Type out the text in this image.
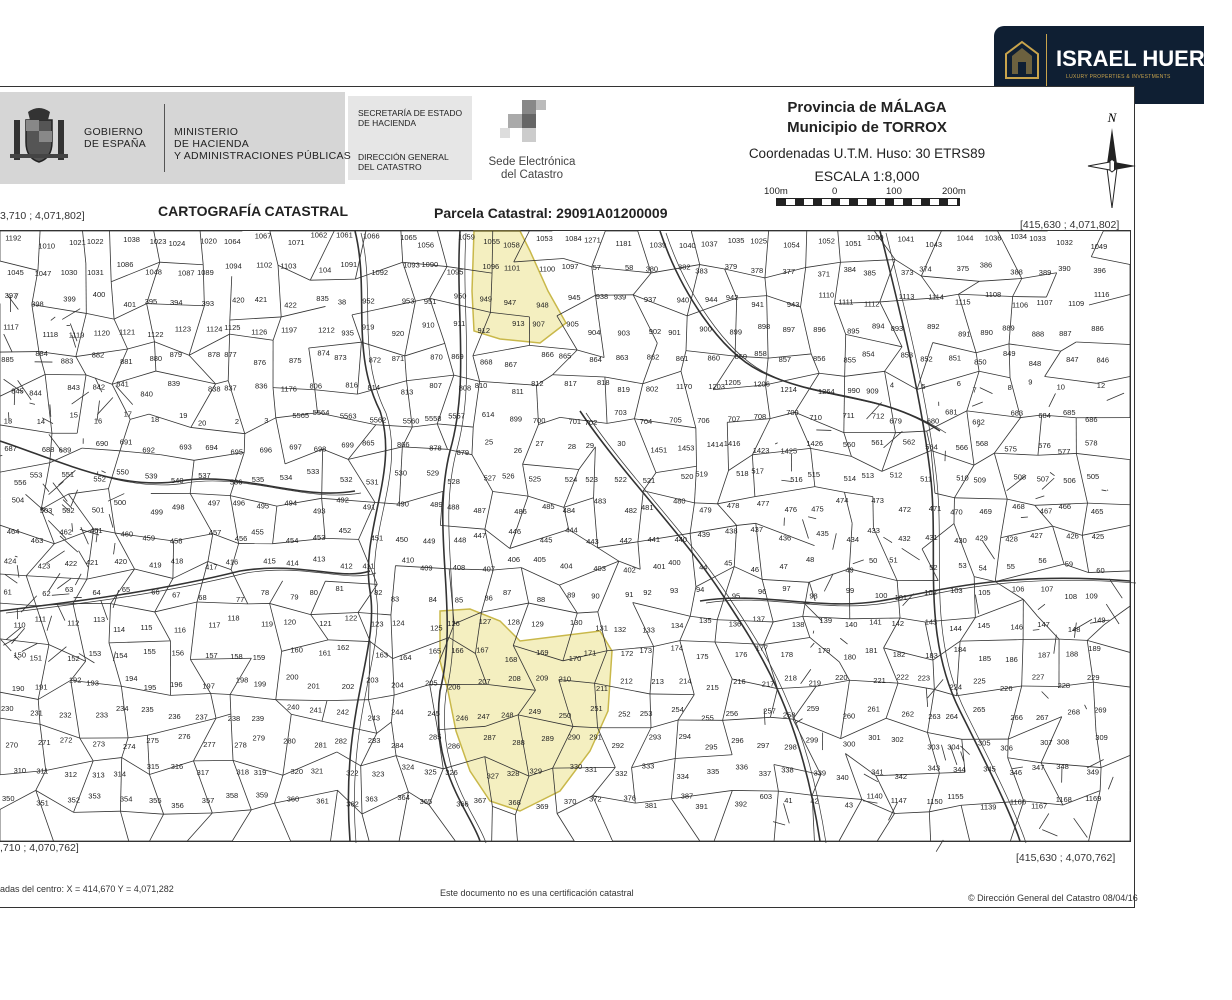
ISRAEL HUERTA
LUXURY PROPERTIES & INVESTMENTS
GOBIERNO
DE ESPAÑA
MINISTERIO
DE HACIENDA
Y ADMINISTRACIONES PÚBLICAS
SECRETARÍA DE ESTADO
DE HACIENDA
DIRECCIÓN GENERAL
DEL CATASTRO	Sede Electrónica
del Catastro
Provincia de MÁLAGA
Municipio de TORROX
Coordenadas U.T.M. Huso: 30 ETRS89
ESCALA 1:8,000
100m	0	100	200m
N
CARTOGRAFÍA CATASTRAL	Parcela Catastral: 29091A01200009
3,710 ; 4,071,802]
[415,630 ; 4,071,802]
,710 ; 4,070,762]
[415,630 ; 4,070,762]
1192
1010 1021 1022	1038 1023 1024 1020 1064
1067
1071
1062 1061 1066	1065
1056
1059 1055 1058
1053 1084 1271 1181 1039 1040 1037 1035 1025 1054 1052 1051
1050 1041
1043
1044 1036 1034 1033 1032 1049
1045 1047 1030 1031
1086
1048 1087 1089
1094 1102 1103	104
1091
1092
1093 1090
1095
1096 1101	1100 1097 57	58 380	382 383 379 378	377	371 384 385	373 374	375 386
388 389 390	396
397
398
399
400
401 395 394	393 420 421
422
835 38 952	953 951
950 949 947	948
945 938 939 937	940 944 942
941	943
1110
1111 1112
1113 1114
1115
1108
1106 1107 1109
1116
1117
1118 1119 1120 1121 1122
1123 1124 1125 1126 1197	1212 935
919
920
910	911
912
913 907	905
904 903 902 901 900 899
898 897 896	895
894 893	892
891 890 889
888 887
886
885
884
883
882
881 880 879	878 877
876	875
874
873	872 871	870 869
868 867
866 865 864 863 862 861	860 859 858
857	856 855
854	853 852 851 850
849
848	847 846
845 844
843 842 841
840
839
838 837 836 1176 806	816 814	813
807 808 810
811
812	817	818
819 802 1170 1203 1205 1206
1214	1264 990 909
4	5	6
7	8
9
10	12
13	14
15
16
17
18	19
20	2	3
5565 5564 5563 5562 5560 5558 5557 614 899 700	701 702
703
704 705 706 707 708	709
710	711 712
679	680
681
682
683 684 685
686
687	688 689
690 691
692	693 694 695 696 697 698 699 865	866	878
879
25
26
27	28 29	30
1451 1453 1414 1416
1423 1425
1426	560 561	562
564 566 568
575	576
577
578
556
553	551	552
550 539 540
537
536 535 534
533
532 531
530	529
528	527 526 525	524 523 522 521	520 519	518 517
516
515	514 513 512 511	510 509	508 507 506 505
504
503 502 501
500
499
498	497 496 495 494
493
492
491	490	489 488 487	486
485 484
483
482 481
480
479 478 477
476 475
474	473
472 471 470 469
468
467 466
465
464
463
462 461 460 459 458
457
456
455
454 453
452
451 450 449 448
447	446
445
444
443	442 441 440
439 438 437
436	435
434
433
432 431 430 429 428 427	426 425
424
423 422 421 420	419 418
417
416	415 414 413
412 411
410
409	408 407
406 405
404	403 402 401 400 44 45
46	47
48
49
50 51
52	53 54	55
56 59
60
61	62 63	64	65	66 67 68	77
78	79 80 81	82
83	84 85	86
87
88	89 90	91 92 93 94
95 96 97
98
99
100 101
102 103 105	106 107
108 109
110
111	112 113
114 115	116
117
118
119 120	121
122
123 124
125
126	127 128 129	130
131 132 133 134
135 136
137
138 139 140 141 142	143
144 145	146 147
148
149
150 151	152
153 154 155 156	157 158 159
160 161
162
163 164
165 166 167
168
169
170
171	172 173 174
175	176
177
178	179
180
181 182	183
184
185 186	187 188
189
190 191
192 193
194
195 196	197
198 199
200
201	202
203
204	205 206
207 208 209 210
211
212 213 214
215
216 217
218
219
220	221 222 223
224
225
226
227
228
229
230 231 232	233
234 235
236 237	238 239
240 241 242
243
244	245 246 247 248 249 250
251
252 253	254
255 256	257 258
259
260
261
262 263 264
265
266 267
268 269
270	271 272	273 274
275	276
277 278
279 280 281 282	283
284
285
286
287
288 289 290 291
292
293 294
295
296
297 298
299	300
301 302
303 304 305
306
307 308	309
310 311 312 313 314
315 316
317	318 319	320 321	322 323
324
325 326	327 328 329
330 331 332
333
334
335
336
337 338	339 340
341 342
343 344 345 346
347 348
349
350	351 352 353	354 355
356
357
358 359 360 361 362
363	364 365	366 367	368 369
370 372	376
381
387
391	392
603 41 42	43
1140
1147	1150
1155
1139
1166 1167
1168 1169
adas del centro: X = 414,670 Y = 4,071,282	Este documento no es una certificación catastral	© Dirección General del Catastro 08/04/16
